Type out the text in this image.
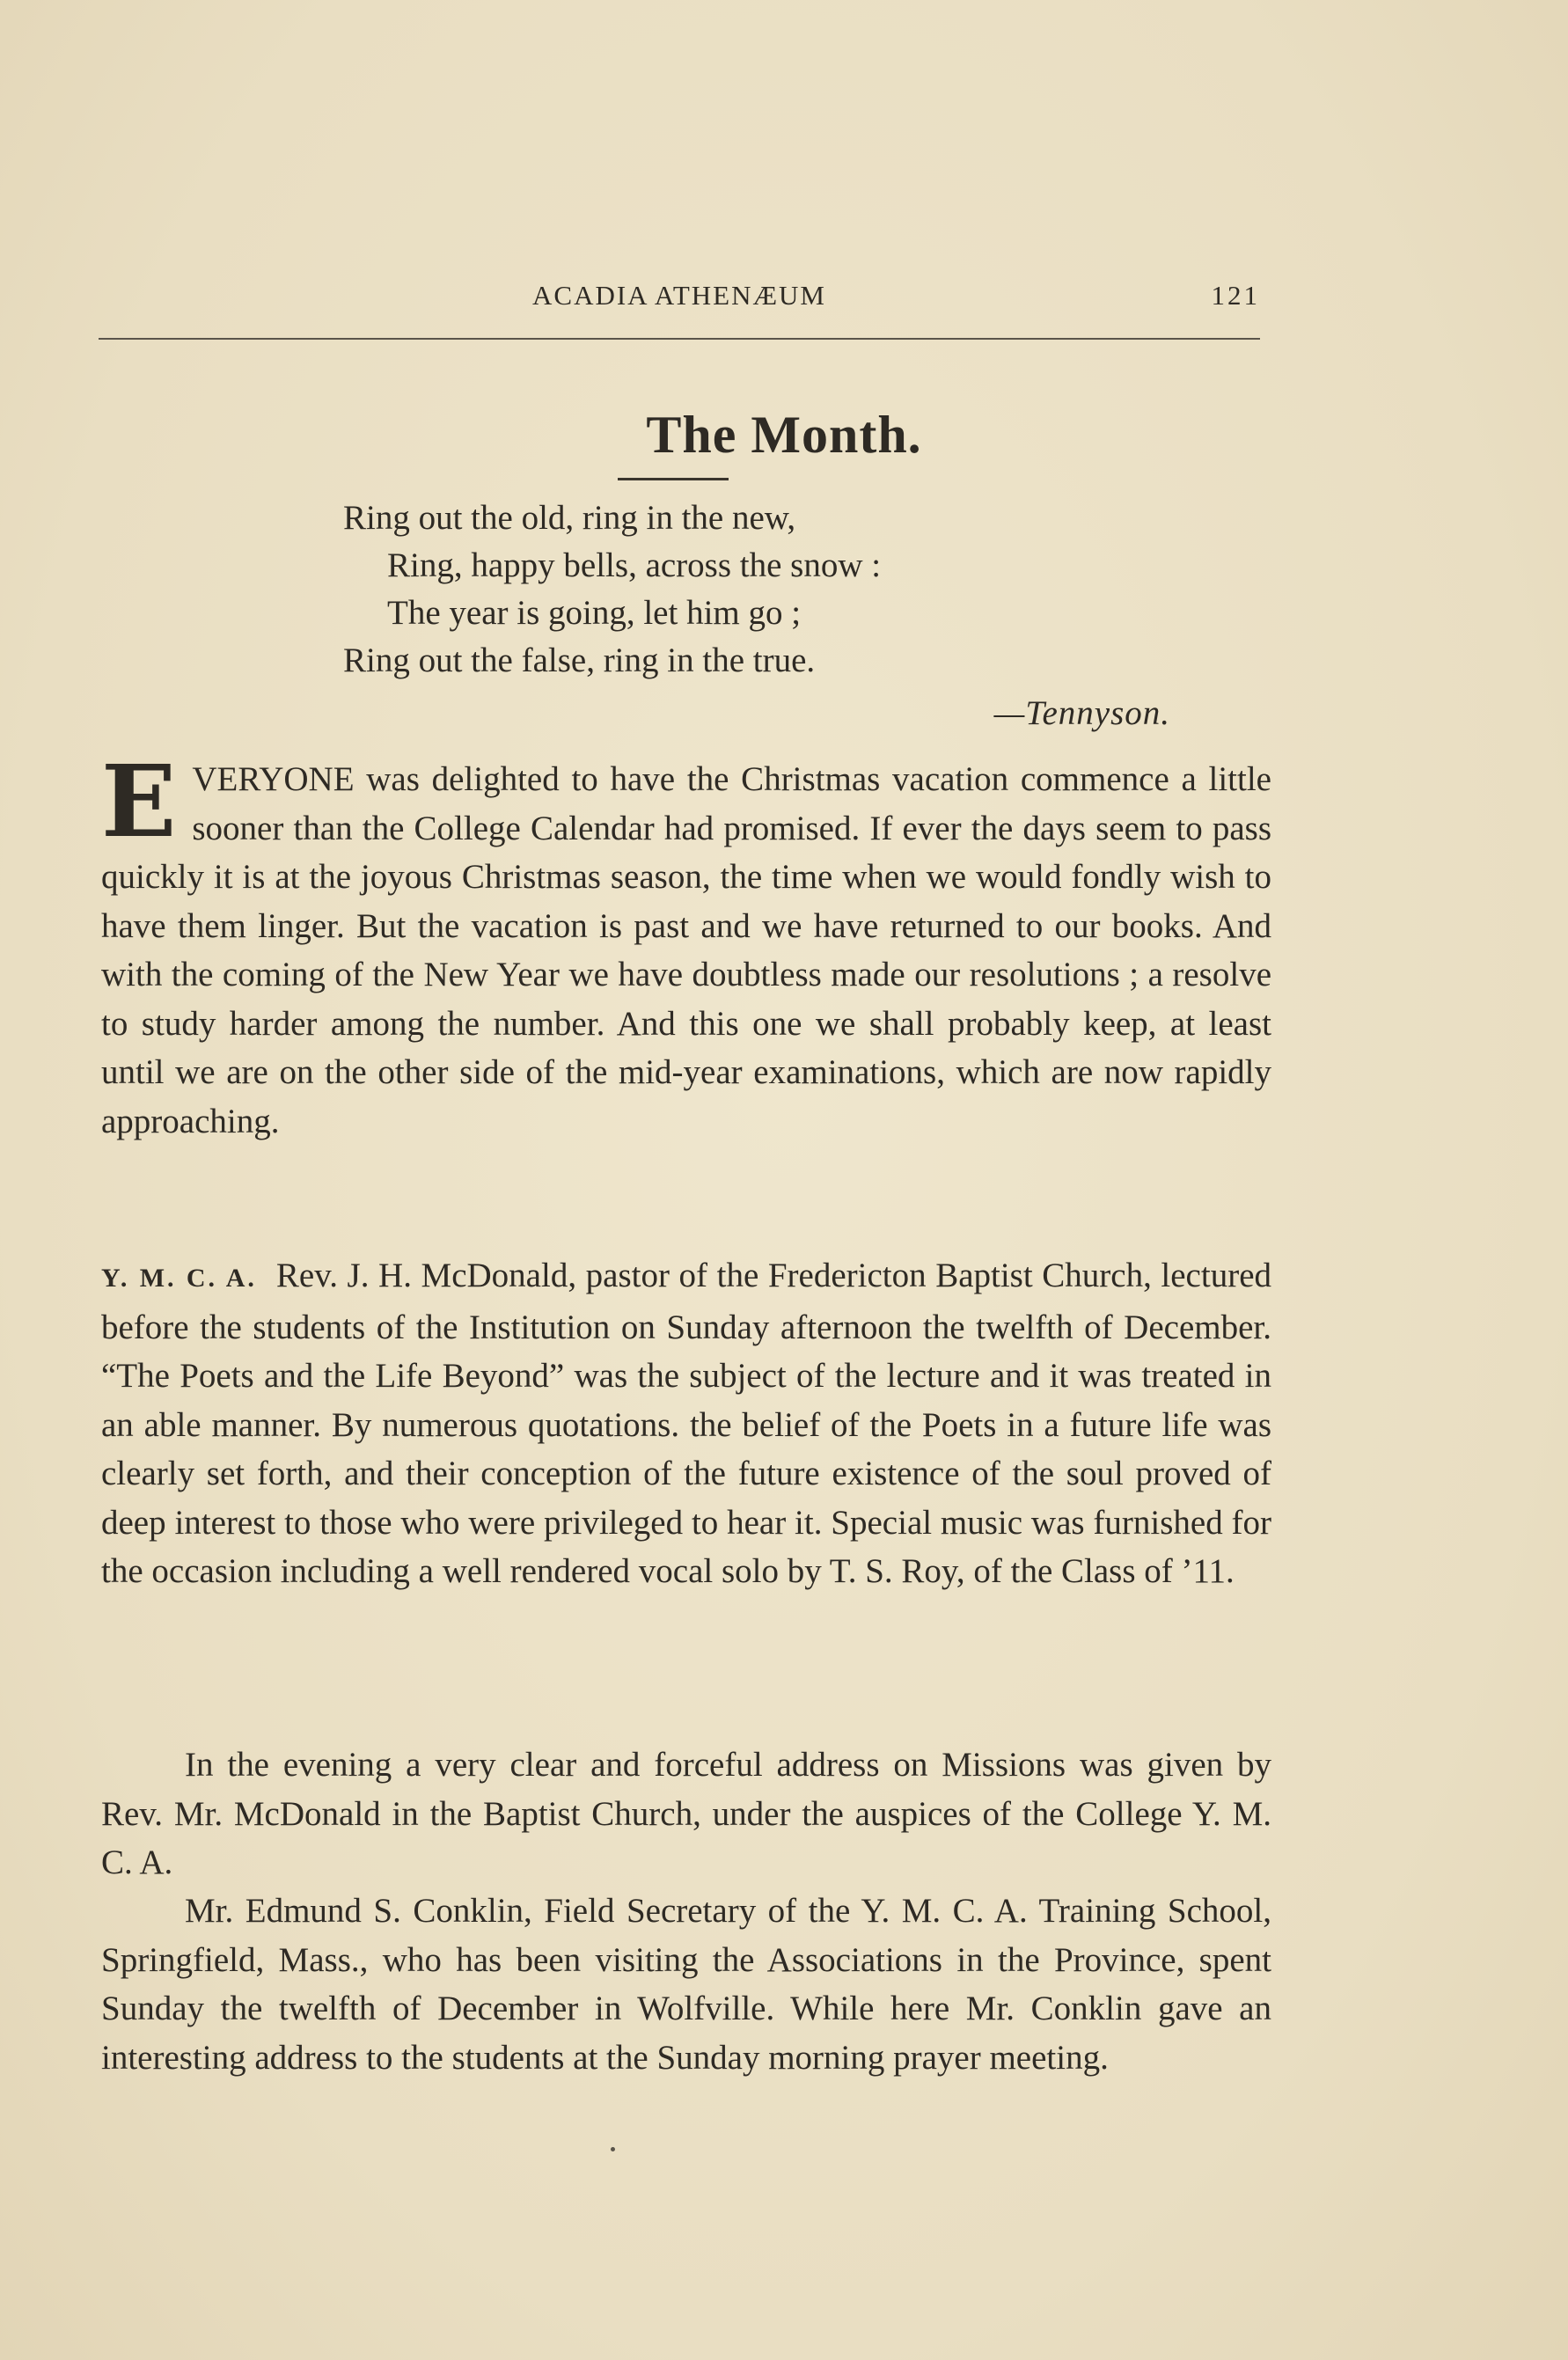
ACADIA ATHENÆUM	121
The Month.
Ring out the old, ring in the new,
Ring, happy bells, across the snow :
The year is going, let him go ;
Ring out the false, ring in the true.
—Tennyson.

EVERYONE was delighted to have the Christmas vacation commence a little sooner than the College Calendar had promised. If ever the days seem to pass quickly it is at the joyous Christmas season, the time when we would fondly wish to have them linger. But the vacation is past and we have returned to our books. And with the coming of the New Year we have doubtless made our resolutions ; a resolve to study harder among the number. And this one we shall probably keep, at least until we are on the other side of the mid-year examinations, which are now rapidly approaching.

Y. M. C. A. Rev. J. H. McDonald, pastor of the Fredericton Baptist Church, lectured before the students of the Institution on Sunday afternoon the twelfth of December. “The Poets and the Life Beyond” was the subject of the lecture and it was treated in an able manner. By numerous quotations. the belief of the Poets in a future life was clearly set forth, and their conception of the future existence of the soul proved of deep interest to those who were privileged to hear it. Special music was furnished for the occasion including a well rendered vocal solo by T. S. Roy, of the Class of ’11.

In the evening a very clear and forceful address on Missions was given by Rev. Mr. McDonald in the Baptist Church, under the auspices of the College Y. M. C. A.

Mr. Edmund S. Conklin, Field Secretary of the Y. M. C. A. Training School, Springfield, Mass., who has been visiting the Associations in the Province, spent Sunday the twelfth of December in Wolfville. While here Mr. Conklin gave an interesting address to the students at the Sunday morning prayer meeting.
